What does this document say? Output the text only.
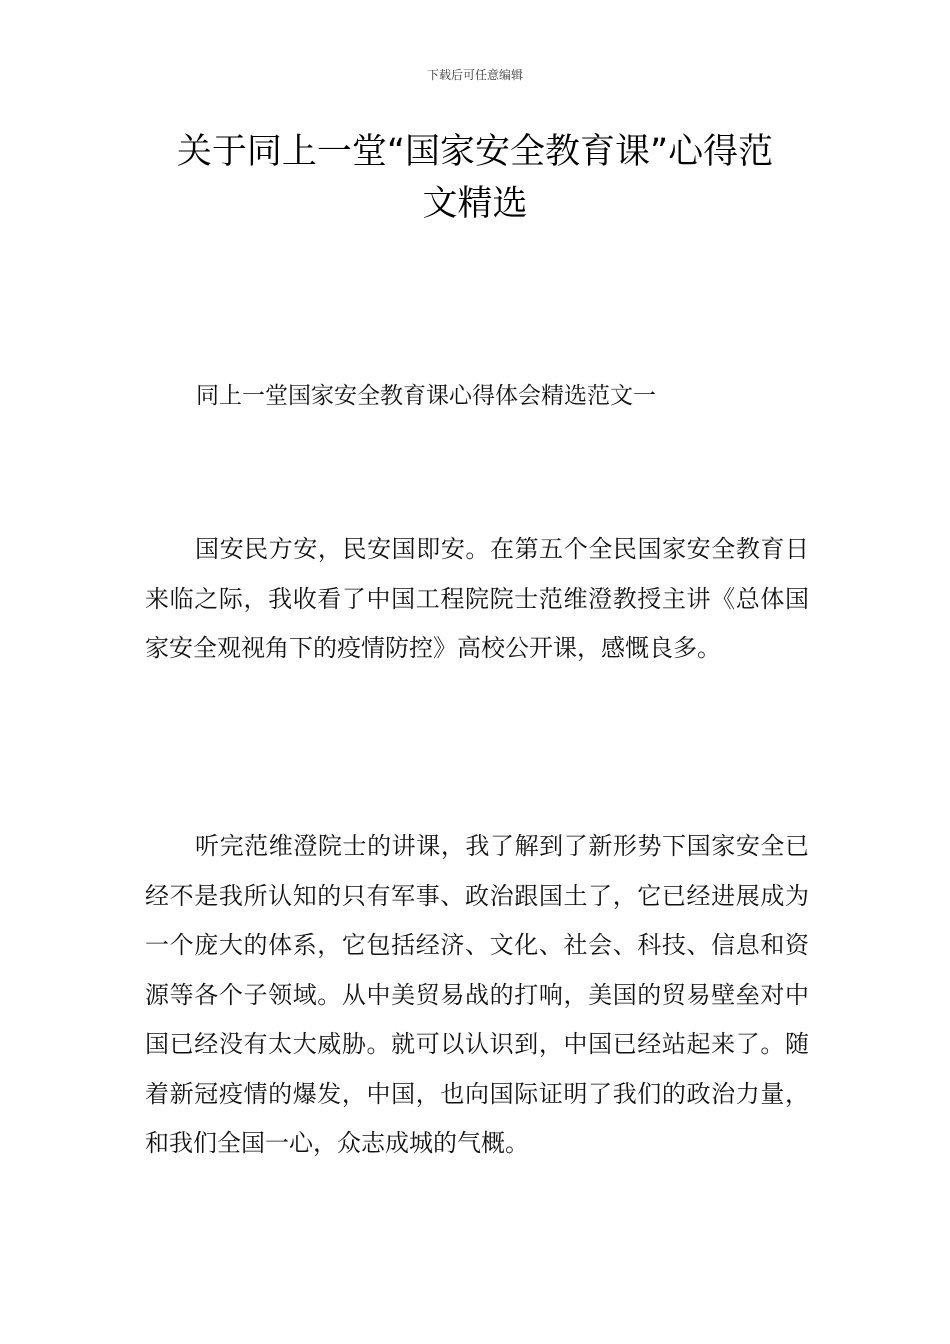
下载后可任意编辑
关于同上一堂“国家安全教育课”心得范
文精选
同上一堂国家安全教育课心得体会精选范文一

国安民方安，民安国即安。在第五个全民国家安全教育日来临之际，我收看了中国工程院院士范维澄教授主讲《总体国家安全观视角下的疫情防控》高校公开课，感慨良多。

听完范维澄院士的讲课，我了解到了新形势下国家安全已经不是我所认知的只有军事、政治跟国土了，它已经进展成为一个庞大的体系，它包括经济、文化、社会、科技、信息和资源等各个子领域。从中美贸易战的打响，美国的贸易壁垒对中国已经没有太大威胁。就可以认识到，中国已经站起来了。随着新冠疫情的爆发，中国，也向国际证明了我们的政治力量，和我们全国一心，众志成城的气概。
